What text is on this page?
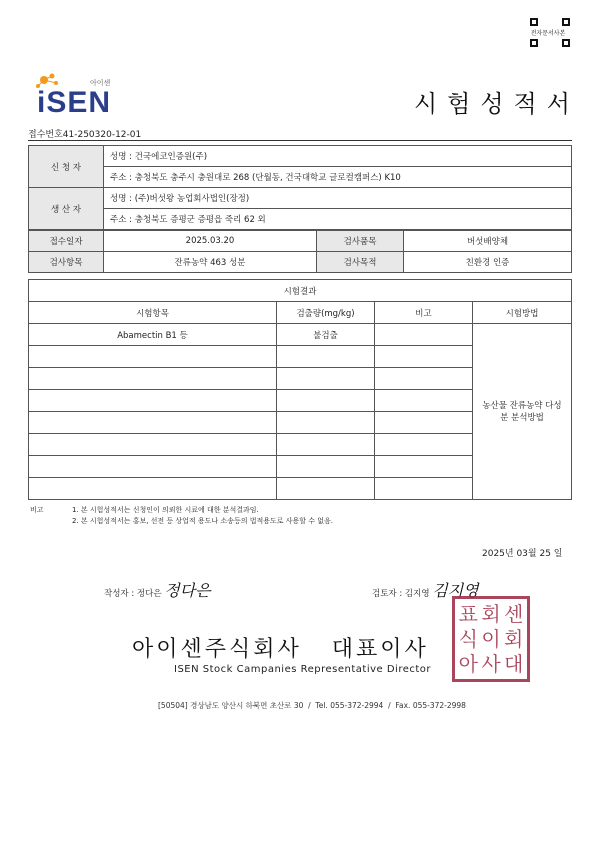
전자문서사본
아이센
iSEN	시험성적서
접수번호41-250320-12-01
신 청 자	성명 : 건국에코인증원(주)
	주소 : 충청북도 충주시 충원대로 268 (단월동, 건국대학교 글로컬캠퍼스) K10
생 산 자	성명 : (주)버섯왕 농업회사법인(장정)
	주소 : 충청북도 증평군 증평읍 죽리 62 외
접수일자	2025.03.20	검사품목	버섯배양체
검사항목	잔류농약 463 성분	검사목적	친환경 인증
시험결과			
시험항목	검출량(mg/kg)	비고	시험방법
Abamectin B1 등	불검출		농산물 잔류농약 다성분 분석방법

비고	1. 본 시험성적서는 신청인이 의뢰한 시료에 대한 분석결과임.
2. 본 시험성적서는 홍보, 선전 등 상업적 용도나 소송등의 법적용도로 사용할 수 없음.
2025년 03월 25 일
작성자 : 정다은 정다은	검토자 : 김지영 김지영
표 회 센
식 이 회
아 사 대
아이센주식회사   대표이사
ISEN Stock Campanies Representative Director
[50504] 경상남도 양산시 하북면 초산로 30  /  Tel. 055-372-2994  /  Fax. 055-372-2998
